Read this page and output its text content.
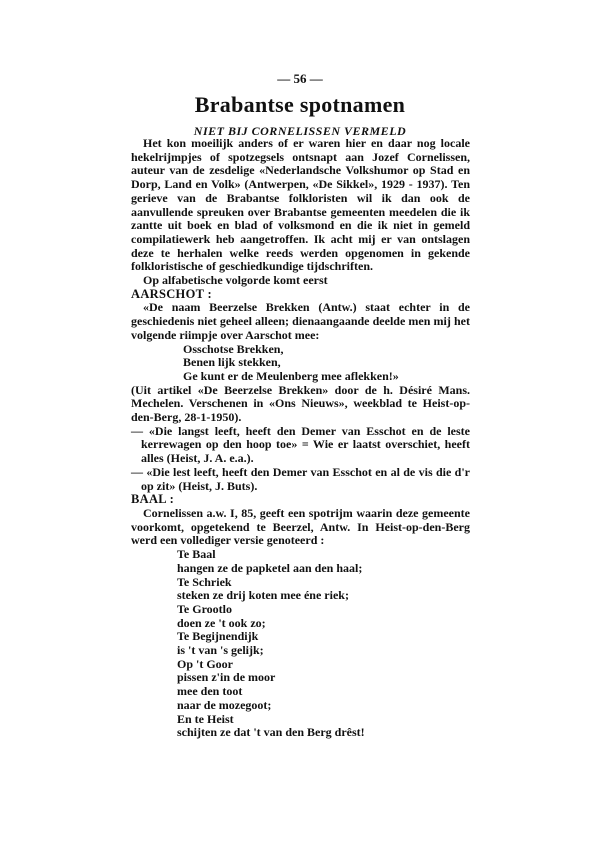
— 56 —
Brabantse spotnamen
NIET BIJ CORNELISSEN VERMELD

Het kon moeilijk anders of er waren hier en daar nog locale hekelrijmpjes of spotzegsels ontsnapt aan Jozef Cornelissen, auteur van de zesdelige «Nederlandsche Volkshumor op Stad en Dorp, Land en Volk» (Antwerpen, «De Sikkel», 1929 - 1937). Ten gerieve van de Brabantse folkloristen wil ik dan ook de aanvullende spreuken over Brabantse gemeenten meedelen die ik zantte uit boek en blad of volksmond en die ik niet in gemeld compilatiewerk heb aangetroffen. Ik acht mij er van ontslagen deze te herhalen welke reeds werden opgenomen in gekende folkloristische of geschiedkundige tijdschriften.

Op alfabetische volgorde komt eerst

AARSCHOT :

«De naam Beerzelse Brekken (Antw.) staat echter in de geschiedenis niet geheel alleen; dienaangaande deelde men mij het volgende riimpje over Aarschot mee:

Osschotse Brekken,
Benen lijk stekken,
Ge kunt er de Meulenberg mee aflekken!»

(Uit artikel «De Beerzelse Brekken» door de h. Désiré Mans. Mechelen. Verschenen in «Ons Nieuws», weekblad te Heist-op-den-Berg, 28-1-1950).

— «Die langst leeft, heeft den Demer van Esschot en de leste kerrewagen op den hoop toe» = Wie er laatst overschiet, heeft alles (Heist, J. A. e.a.).

— «Die lest leeft, heeft den Demer van Esschot en al de vis die d'r op zit» (Heist, J. Buts).

BAAL :

Cornelissen a.w. I, 85, geeft een spotrijm waarin deze gemeente voorkomt, opgetekend te Beerzel, Antw. In Heist-op-den-Berg werd een vollediger versie genoteerd :

Te Baal
hangen ze de papketel aan den haal;
Te Schriek
steken ze drij koten mee éne riek;
Te Grootlo
doen ze 't ook zo;
Te Begijnendijk
is 't van 's gelijk;
Op 't Goor
pissen z'in de moor
mee den toot
naar de mozegoot;
En te Heist
schijten ze dat 't van den Berg drêst!
